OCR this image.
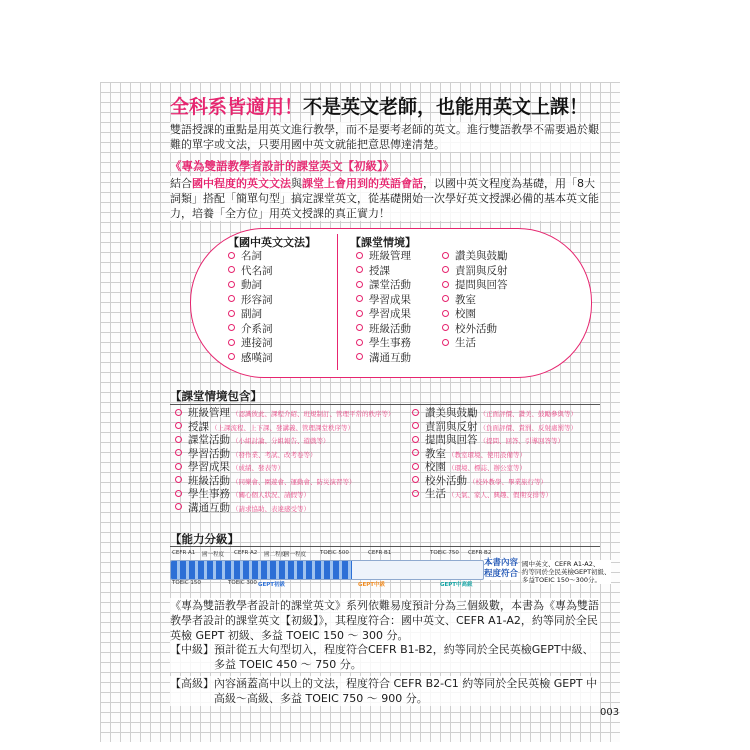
全科系皆適用！不是英文老師，也能用英文上課！
雙語授課的重點是用英文進行教學，而不是要考老師的英文。進行雙語教學不需要過於艱難的單字或文法，只要用國中英文就能把意思傳達清楚。
《專為雙語教學者設計的課堂英文【初級】》
結合國中程度的英文文法與課堂上會用到的英語會話，以國中英文程度為基礎，用「8大詞類」搭配「簡單句型」搞定課堂英文，從基礎開始一次學好英文授課必備的基本英文能力，培養「全方位」用英文授課的真正實力！
【國中英文文法】
名詞
代名詞
動詞
形容詞
副詞
介系詞
連接詞
感嘆詞
【課堂情境】
班級管理
授課
課堂活動
學習成果
學習成果
班級活動
學生事務
溝通互動
讚美與鼓勵
責罰與反射
提問與回答
教室
校園
校外活動
生活
【課堂情境包含】
班級管理 （認識彼此、課程介紹、班規制訂、管理平常的秩序等）
授課 （上課流程、上下課、發講義、管理課堂秩序等）
課堂活動 （小組討論、分組報告、遊戲等）
學習活動 （發作業、考試、改考卷等）
學習成果 （成績、發表等）
班級活動 （同樂會、園遊會、運動會、防災演習等）
學生事務 （關心個人狀況、請假等）
溝通互動 （請求協助、表達感受等）
讚美與鼓勵 （正面評價、讚美、鼓勵參與等）
責罰與反射 （負面評價、責罰、反射處罰等）
提問與回答 （提問、回答、引導回答等）
教室 （教室環境、使用設備等）
校園 （環境、標誌、辦公室等）
校外活動 （校外教學、畢業旅行等）
生活 （天氣、家人、興趣、假期安排等）
【能力分級】
CEFR A1 國一程度 CEFR A2 國二程度
國一程度	TOEIC 500	CEFR B1	TOEIC 750 CEFR B2
TOEIC 150	TOEIC 300 GEPT初級	GEPT中級	GEPT中高級
本書內容
程度符合
國中英文、CEFR A1-A2、
約等同於全民英檢GEPT初級、
多益TOEIC 150～300分。
《專為雙語教學者設計的課堂英文》系列依難易度預計分為三個級數，本書為《專為雙語教學者設計的課堂英文【初級】》，其程度符合：國中英文、CEFR A1-A2，約等同於全民英檢 GEPT 初級、多益 TOEIC 150 ～ 300 分。
【中級】 預計從五大句型切入，程度符合CEFR B1-B2，約等同於全民英檢GEPT中級、多益 TOEIC 450 ～ 750 分。
【高級】 內容涵蓋高中以上的文法，程度符合 CEFR B2-C1 約等同於全民英檢 GEPT 中高級～高級、多益 TOEIC 750 ～ 900 分。
003
